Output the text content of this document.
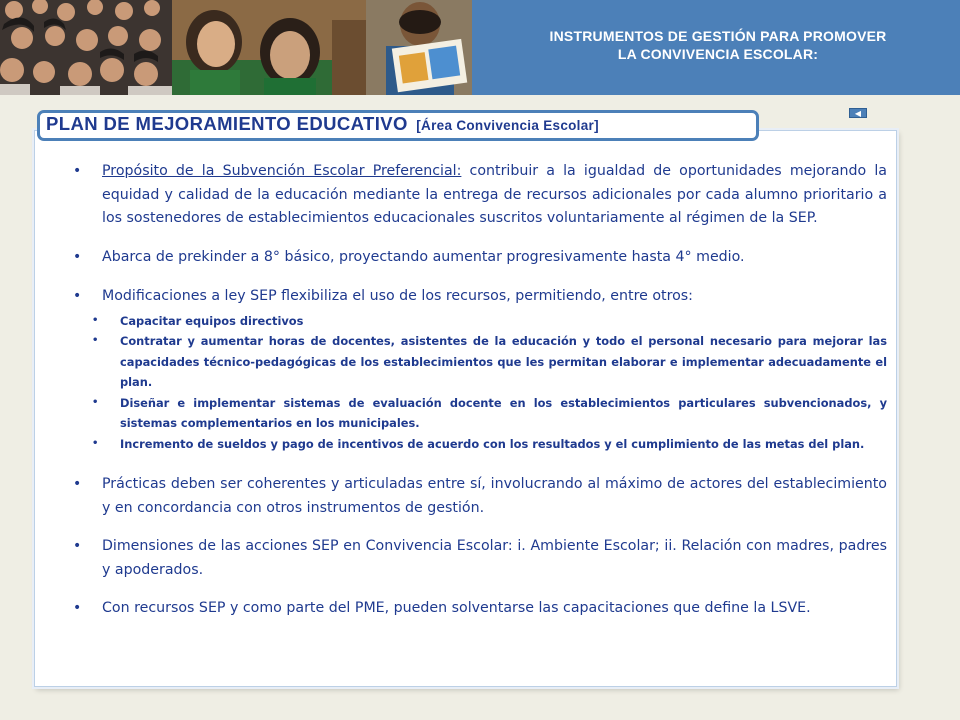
INSTRUMENTOS DE GESTIÓN PARA PROMOVER
LA CONVIVENCIA ESCOLAR:
◀
PLAN DE MEJORAMIENTO EDUCATIVO [Área Convivencia Escolar]
• Propósito de la Subvención Escolar Preferencial: contribuir a la igualdad de oportunidades mejorando la equidad y calidad de la educación mediante la entrega de recursos adicionales por cada alumno prioritario a los sostenedores de establecimientos educacionales suscritos voluntariamente al régimen de la SEP.
• Abarca de prekinder a 8° básico, proyectando aumentar progresivamente hasta 4° medio.
• Modificaciones a ley SEP flexibiliza el uso de los recursos, permitiendo, entre otros:
• Capacitar equipos directivos
• Contratar y aumentar horas de docentes, asistentes de la educación y todo el personal necesario para mejorar las capacidades técnico-pedagógicas de los establecimientos que les permitan elaborar e implementar adecuadamente el plan.
• Diseñar e implementar sistemas de evaluación docente en los establecimientos particulares subvencionados, y sistemas complementarios en los municipales.
• Incremento de sueldos y pago de incentivos de acuerdo con los resultados y el cumplimiento de las metas del plan.
• Prácticas deben ser coherentes y articuladas entre sí, involucrando al máximo de actores del establecimiento y en concordancia con otros instrumentos de gestión.
• Dimensiones de las acciones SEP en Convivencia Escolar: i. Ambiente Escolar; ii. Relación con madres, padres y apoderados.
• Con recursos SEP y como parte del PME, pueden solventarse las capacitaciones que define la LSVE.
